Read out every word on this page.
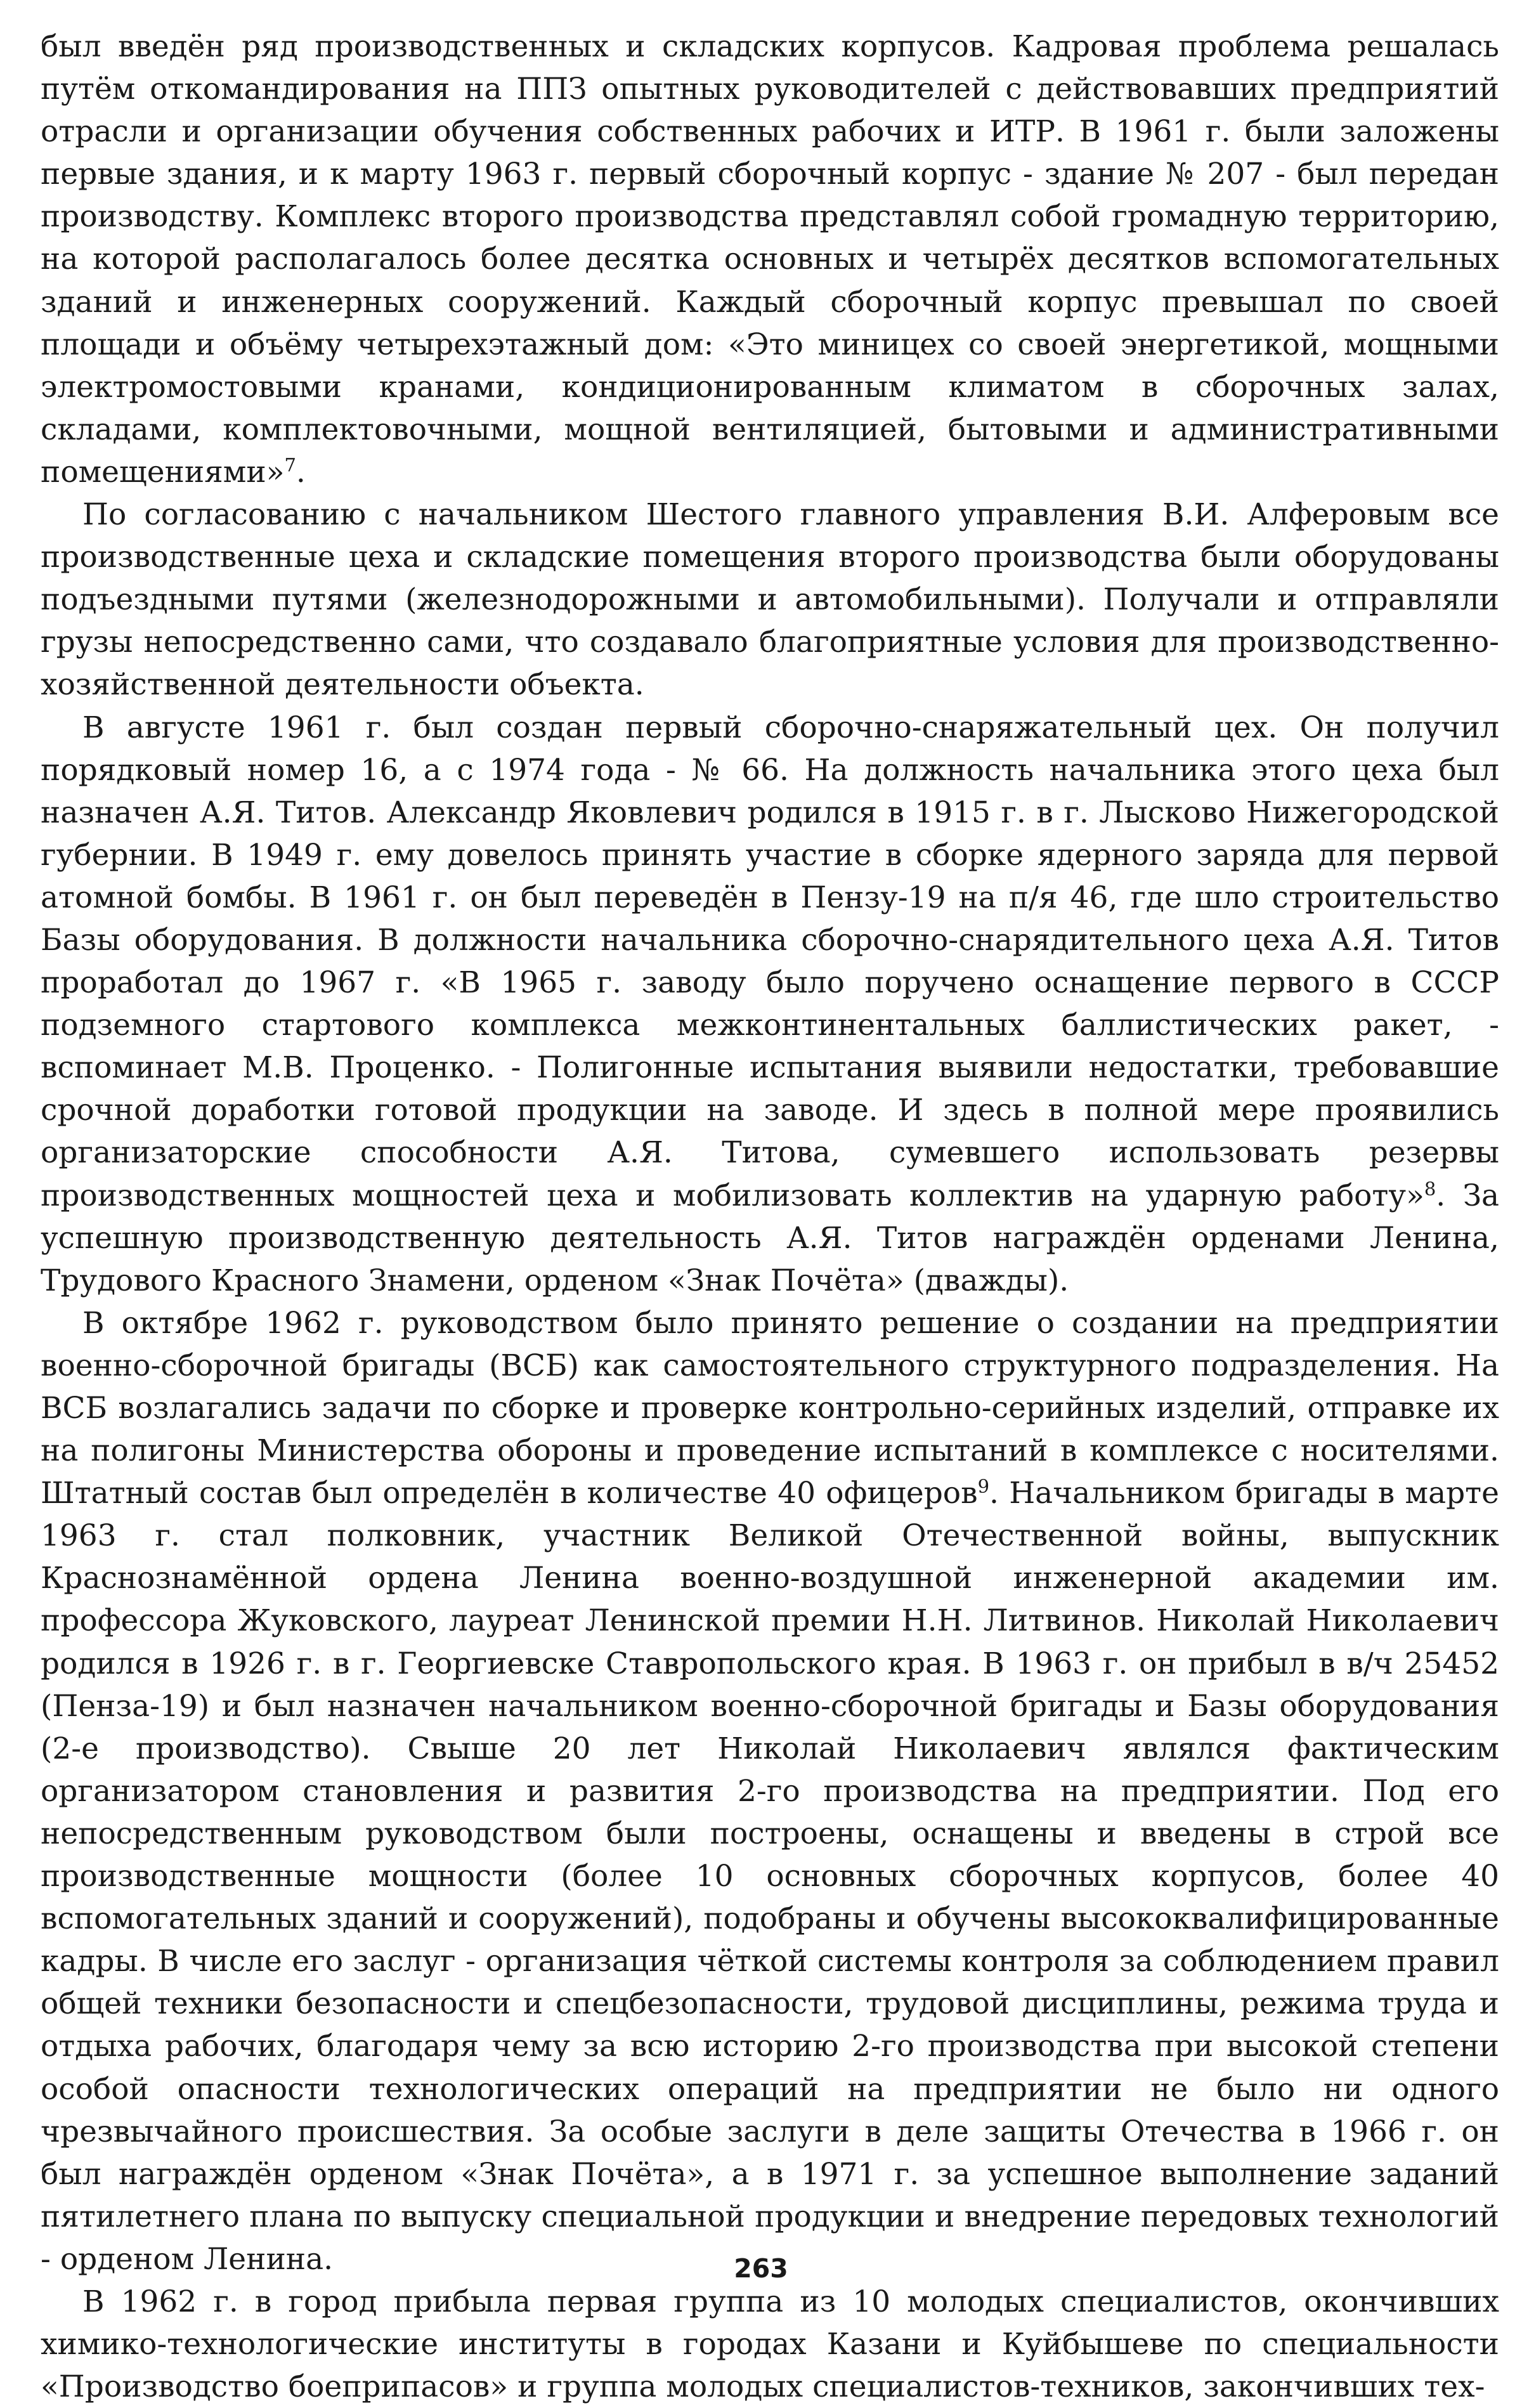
был введён ряд производственных и складских корпусов. Кадровая проблема решалась путём откомандирования на ППЗ опытных руководителей с действовавших предприятий отрасли и организации обучения собственных рабочих и ИТР. В 1961 г. были заложены первые здания, и к марту 1963 г. первый сборочный корпус - здание № 207 - был передан производству. Комплекс второго производства представлял собой громадную территорию, на которой располагалось более десятка основных и четырёх десятков вспомогательных зданий и инженерных сооружений. Каждый сборочный корпус превышал по своей площади и объёму четырехэтажный дом: «Это миницех со своей энергетикой, мощными электромостовыми кранами, кондиционированным климатом в сборочных залах, складами, комплектовочными, мощной вентиляцией, бытовыми и административными помещениями»$^7$.

По согласованию с начальником Шестого главного управления В.И. Алферовым все производственные цеха и складские помещения второго производства были оборудованы подъездными путями (железнодорожными и автомобильными). Получали и отправляли грузы непосредственно сами, что создавало благоприятные условия для производственно-хозяйственной деятельности объекта.

В августе 1961 г. был создан первый сборочно-снаряжательный цех. Он получил порядковый номер 16, а с 1974 года - № 66. На должность начальника этого цеха был назначен А.Я. Титов. Александр Яковлевич родился в 1915 г. в г. Лысково Нижегородской губернии. В 1949 г. ему довелось принять участие в сборке ядерного заряда для первой атомной бомбы. В 1961 г. он был переведён в Пензу-19 на п/я 46, где шло строительство Базы оборудования. В должности начальника сборочно-снарядительного цеха А.Я. Титов проработал до 1967 г. «В 1965 г. заводу было поручено оснащение первого в СССР подземного стартового комплекса межконтинентальных баллистических ракет, - вспоминает М.В. Проценко. - Полигонные испытания выявили недостатки, требовавшие срочной доработки готовой продукции на заводе. И здесь в полной мере проявились организаторские способности А.Я. Титова, сумевшего использовать резервы производственных мощностей цеха и мобилизовать коллектив на ударную работу»$^8$. За успешную производственную деятельность А.Я. Титов награждён орденами Ленина, Трудового Красного Знамени, орденом «Знак Почёта» (дважды).

В октябре 1962 г. руководством было принято решение о создании на предприятии военно-сборочной бригады (ВСБ) как самостоятельного структурного подразделения. На ВСБ возлагались задачи по сборке и проверке контрольно-серийных изделий, отправке их на полигоны Министерства обороны и проведение испытаний в комплексе с носителями. Штатный состав был определён в количестве 40 офицеров$^9$. Начальником бригады в марте 1963 г. стал полковник, участник Великой Отечественной войны, выпускник Краснознамённой ордена Ленина военно-воздушной инженерной академии им. профессора Жуковского, лауреат Ленинской премии Н.Н. Литвинов. Николай Николаевич родился в 1926 г. в г. Георгиевске Ставропольского края. В 1963 г. он прибыл в в/ч 25452 (Пенза-19) и был назначен начальником военно-сборочной бригады и Базы оборудования (2-е производство). Свыше 20 лет Николай Николаевич являлся фактическим организатором становления и развития 2-го производства на предприятии. Под его непосредственным руководством были построены, оснащены и введены в строй все производственные мощности (более 10 основных сборочных корпусов, более 40 вспомогательных зданий и сооружений), подобраны и обучены высококвалифицированные кадры. В числе его заслуг - организация чёткой системы контроля за соблюдением правил общей техники безопасности и спецбезопасности, трудовой дисциплины, режима труда и отдыха рабочих, благодаря чему за всю историю 2-го производства при высокой степени особой опасности технологических операций на предприятии не было ни одного чрезвычайного происшествия. За особые заслуги в деле защиты Отечества в 1966 г. он был награждён орденом «Знак Почёта», а в 1971 г. за успешное выполнение заданий пятилетнего плана по выпуску специальной продукции и внедрение передовых технологий - орденом Ленина.

В 1962 г. в город прибыла первая группа из 10 молодых специалистов, окончивших химико-технологические институты в городах Казани и Куйбышеве по специальности «Производство боеприпасов» и группа молодых специалистов-техников, закончивших тех-

263
